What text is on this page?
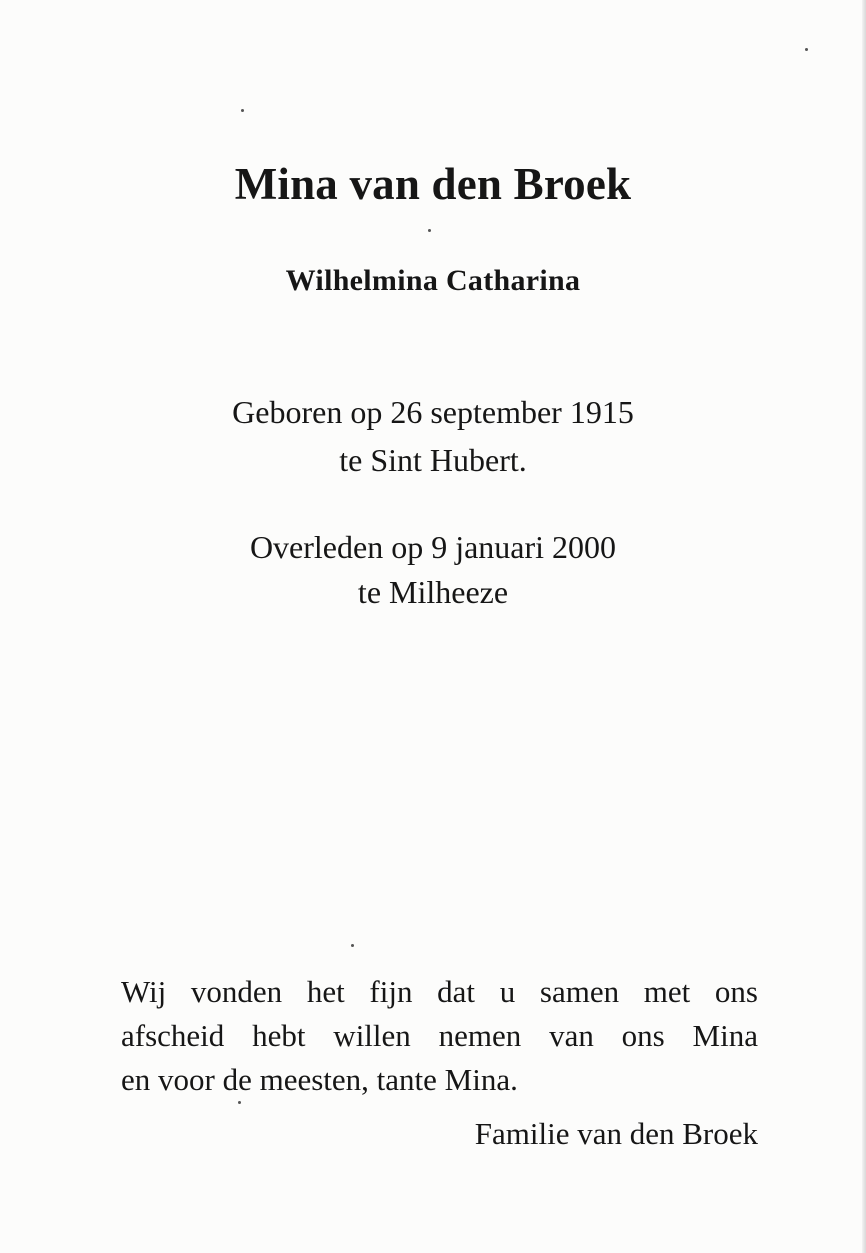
Mina van den Broek
Wilhelmina Catharina
Geboren op 26 september 1915
te Sint Hubert.
Overleden op 9 januari 2000
te Milheeze
Wij vonden het fijn dat u samen met ons
afscheid hebt willen nemen van ons Mina
en voor de meesten, tante Mina.
Familie van den Broek
